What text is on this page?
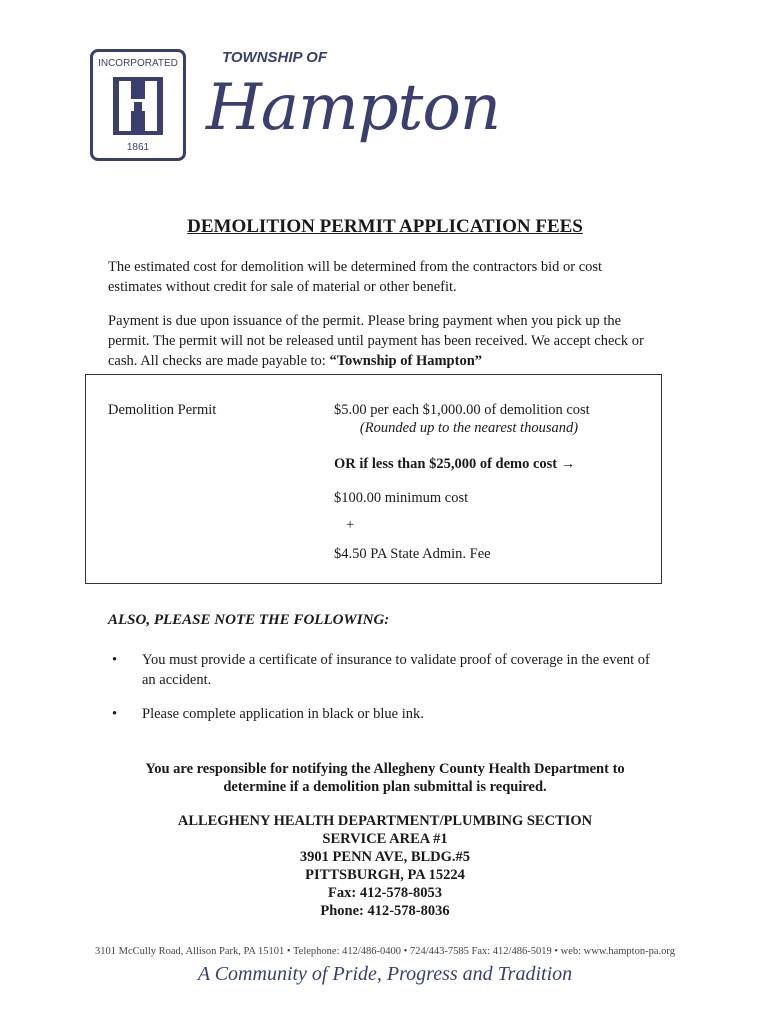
INCORPORATED
1861
TOWNSHIP OF
Hampton
DEMOLITION PERMIT APPLICATION FEES
The estimated cost for demolition will be determined from the contractors bid or cost estimates without credit for sale of material or other benefit.
Payment is due upon issuance of the permit. Please bring payment when you pick up the permit. The permit will not be released until payment has been received. We accept check or cash. All checks are made payable to: “Township of Hampton”
Demolition Permit	$5.00 per each $1,000.00 of demolition cost
(Rounded up to the nearest thousand)
OR if less than $25,000 of demo cost →
$100.00 minimum cost
+
$4.50 PA State Admin. Fee
ALSO, PLEASE NOTE THE FOLLOWING:
• You must provide a certificate of insurance to validate proof of coverage in the event of an accident.
• Please complete application in black or blue ink.
You are responsible for notifying the Allegheny County Health Department to
determine if a demolition plan submittal is required.
ALLEGHENY HEALTH DEPARTMENT/PLUMBING SECTION
SERVICE AREA #1
3901 PENN AVE, BLDG.#5
PITTSBURGH, PA 15224
Fax: 412-578-8053
Phone: 412-578-8036
3101 McCully Road, Allison Park, PA 15101 • Telephone: 412/486-0400 • 724/443-7585 Fax: 412/486-5019 • web: www.hampton-pa.org
A Community of Pride, Progress and Tradition
